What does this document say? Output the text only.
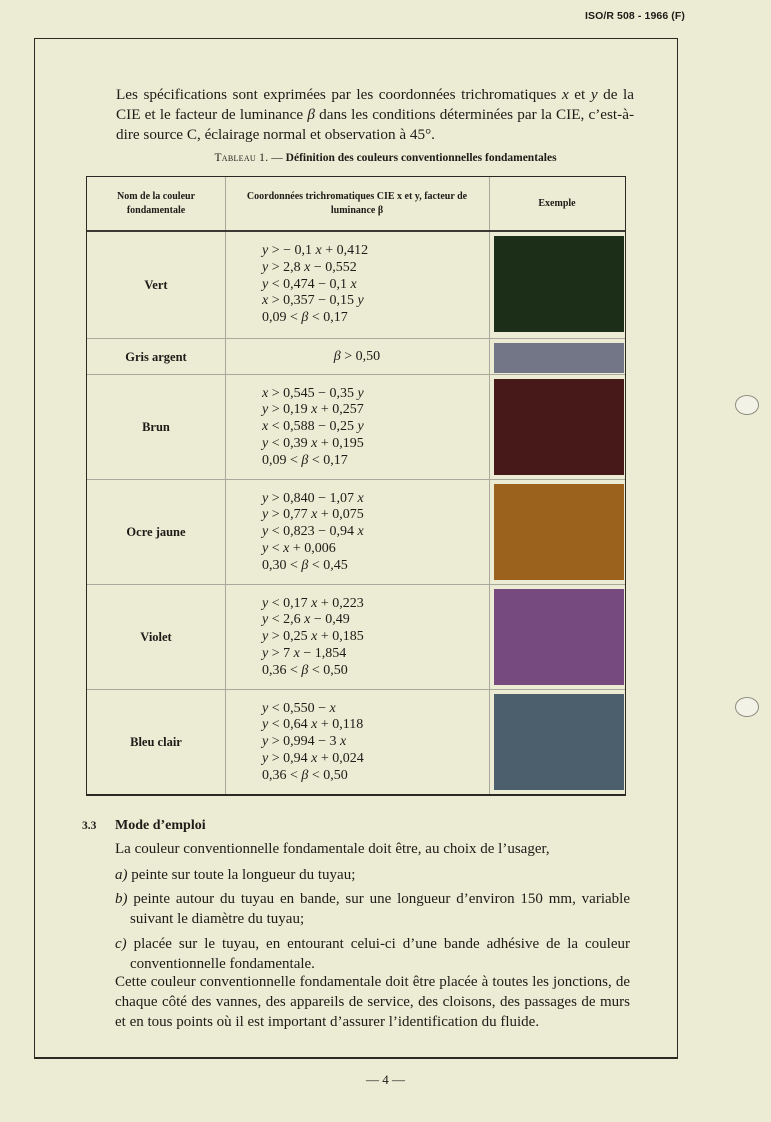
ISO/R 508 - 1966 (F)

Les spécifications sont exprimées par les coordonnées trichromatiques x et y de la CIE et le facteur de luminance β dans les conditions déterminées par la CIE, c’est-à-dire source C, éclairage normal et observation à 45°.

Tableau 1. — Définition des couleurs conventionnelles fondamentales
Nom de la couleur fondamentale
Coordonnées trichromatiques CIE x et y, facteur de luminance β
Exemple
Vert
y > − 0,1 x + 0,412
y > 2,8 x − 0,552
y < 0,474 − 0,1 x
x > 0,357 − 0,15 y
0,09 < β < 0,17
Gris argent	β > 0,50
Brun
x > 0,545 − 0,35 y
y > 0,19 x + 0,257
x < 0,588 − 0,25 y
y < 0,39 x + 0,195
0,09 < β < 0,17
Ocre jaune
y > 0,840 − 1,07 x
y > 0,77 x + 0,075
y < 0,823 − 0,94 x
y < x + 0,006
0,30 < β < 0,45
Violet
y < 0,17 x + 0,223
y < 2,6 x − 0,49
y > 0,25 x + 0,185
y > 7 x − 1,854
0,36 < β < 0,50
Bleu clair
y < 0,550 − x
y < 0,64 x + 0,118
y > 0,994 − 3 x
y > 0,94 x + 0,024
0,36 < β < 0,50
3.3 Mode d’emploi
La couleur conventionnelle fondamentale doit être, au choix de l’usager,
a) peinte sur toute la longueur du tuyau;
b) peinte autour du tuyau en bande, sur une longueur d’environ 150 mm, variable suivant le diamètre du tuyau;
c) placée sur le tuyau, en entourant celui-ci d’une bande adhésive de la couleur conventionnelle fondamentale.
Cette couleur conventionnelle fondamentale doit être placée à toutes les jonctions, de chaque côté des vannes, des appareils de service, des cloisons, des passages de murs et en tous points où il est important d’assurer l’identification du fluide.
— 4 —
